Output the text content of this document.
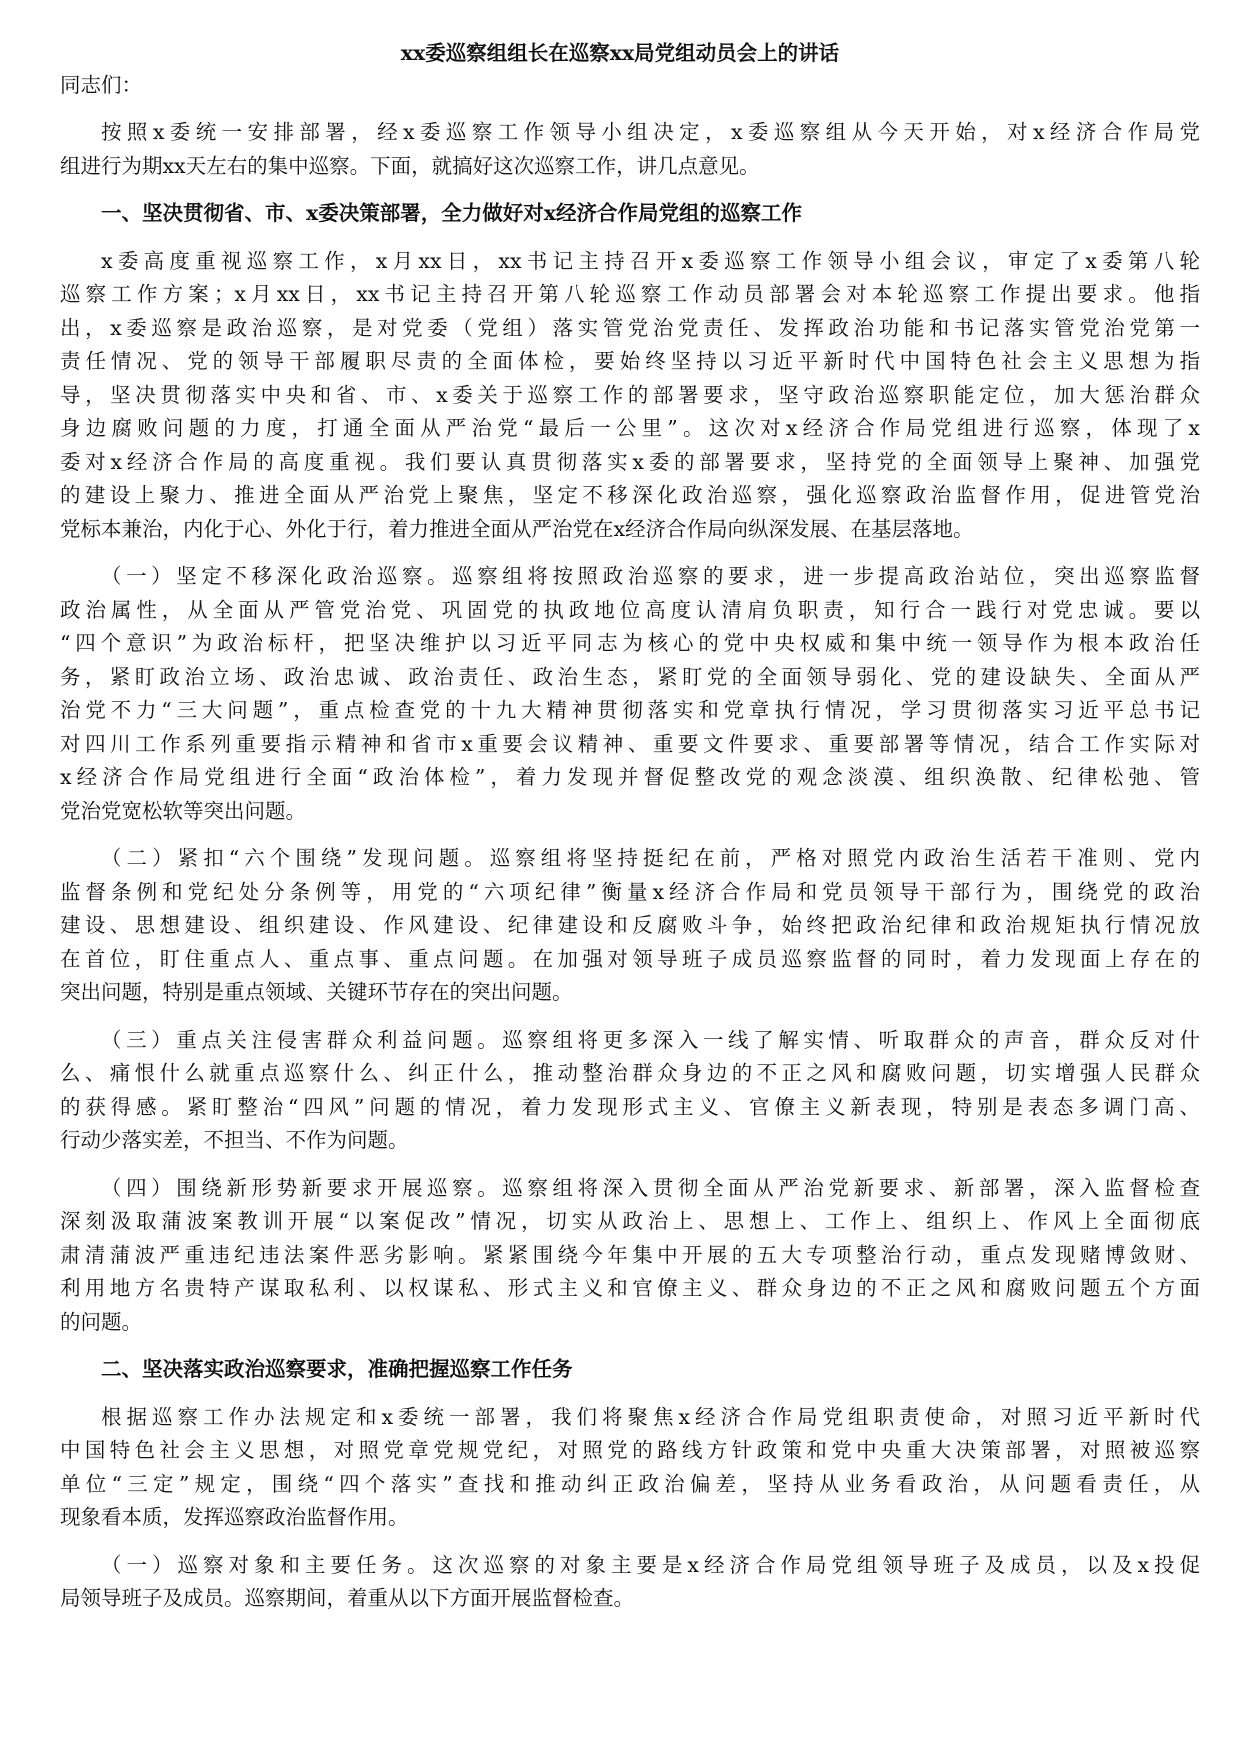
xx委巡察组组长在巡察xx局党组动员会上的讲话

同志们：

按照x委统一安排部署，经x委巡察工作领导小组决定，x委巡察组从今天开始，对x经济合作局党
组进行为期xx天左右的集中巡察。下面，就搞好这次巡察工作，讲几点意见。

一、坚决贯彻省、市、x委决策部署，全力做好对x经济合作局党组的巡察工作

x委高度重视巡察工作，x月xx日，xx书记主持召开x委巡察工作领导小组会议，审定了x委第八轮
巡察工作方案；x月xx日，xx书记主持召开第八轮巡察工作动员部署会对本轮巡察工作提出要求。他指
出，x委巡察是政治巡察，是对党委（党组）落实管党治党责任、发挥政治功能和书记落实管党治党第一
责任情况、党的领导干部履职尽责的全面体检，要始终坚持以习近平新时代中国特色社会主义思想为指
导，坚决贯彻落实中央和省、市、x委关于巡察工作的部署要求，坚守政治巡察职能定位，加大惩治群众
身边腐败问题的力度，打通全面从严治党“最后一公里”。这次对x经济合作局党组进行巡察，体现了x
委对x经济合作局的高度重视。我们要认真贯彻落实x委的部署要求，坚持党的全面领导上聚神、加强党
的建设上聚力、推进全面从严治党上聚焦，坚定不移深化政治巡察，强化巡察政治监督作用，促进管党治
党标本兼治，内化于心、外化于行，着力推进全面从严治党在x经济合作局向纵深发展、在基层落地。

（一）坚定不移深化政治巡察。巡察组将按照政治巡察的要求，进一步提高政治站位，突出巡察监督
政治属性，从全面从严管党治党、巩固党的执政地位高度认清肩负职责，知行合一践行对党忠诚。要以
“四个意识”为政治标杆，把坚决维护以习近平同志为核心的党中央权威和集中统一领导作为根本政治任
务，紧盯政治立场、政治忠诚、政治责任、政治生态，紧盯党的全面领导弱化、党的建设缺失、全面从严
治党不力“三大问题”，重点检查党的十九大精神贯彻落实和党章执行情况，学习贯彻落实习近平总书记
对四川工作系列重要指示精神和省市x重要会议精神、重要文件要求、重要部署等情况，结合工作实际对
x经济合作局党组进行全面“政治体检”，着力发现并督促整改党的观念淡漠、组织涣散、纪律松弛、管
党治党宽松软等突出问题。

（二）紧扣“六个围绕”发现问题。巡察组将坚持挺纪在前，严格对照党内政治生活若干准则、党内
监督条例和党纪处分条例等，用党的“六项纪律”衡量x经济合作局和党员领导干部行为，围绕党的政治
建设、思想建设、组织建设、作风建设、纪律建设和反腐败斗争，始终把政治纪律和政治规矩执行情况放
在首位，盯住重点人、重点事、重点问题。在加强对领导班子成员巡察监督的同时，着力发现面上存在的
突出问题，特别是重点领域、关键环节存在的突出问题。

（三）重点关注侵害群众利益问题。巡察组将更多深入一线了解实情、听取群众的声音，群众反对什
么、痛恨什么就重点巡察什么、纠正什么，推动整治群众身边的不正之风和腐败问题，切实增强人民群众
的获得感。紧盯整治“四风”问题的情况，着力发现形式主义、官僚主义新表现，特别是表态多调门高、
行动少落实差，不担当、不作为问题。

（四）围绕新形势新要求开展巡察。巡察组将深入贯彻全面从严治党新要求、新部署，深入监督检查
深刻汲取蒲波案教训开展“以案促改”情况，切实从政治上、思想上、工作上、组织上、作风上全面彻底
肃清蒲波严重违纪违法案件恶劣影响。紧紧围绕今年集中开展的五大专项整治行动，重点发现赌博敛财、
利用地方名贵特产谋取私利、以权谋私、形式主义和官僚主义、群众身边的不正之风和腐败问题五个方面
的问题。

二、坚决落实政治巡察要求，准确把握巡察工作任务

根据巡察工作办法规定和x委统一部署，我们将聚焦x经济合作局党组职责使命，对照习近平新时代
中国特色社会主义思想，对照党章党规党纪，对照党的路线方针政策和党中央重大决策部署，对照被巡察
单位“三定”规定，围绕“四个落实”查找和推动纠正政治偏差，坚持从业务看政治，从问题看责任，从
现象看本质，发挥巡察政治监督作用。

（一）巡察对象和主要任务。这次巡察的对象主要是x经济合作局党组领导班子及成员，以及x投促
局领导班子及成员。巡察期间，着重从以下方面开展监督检查。
